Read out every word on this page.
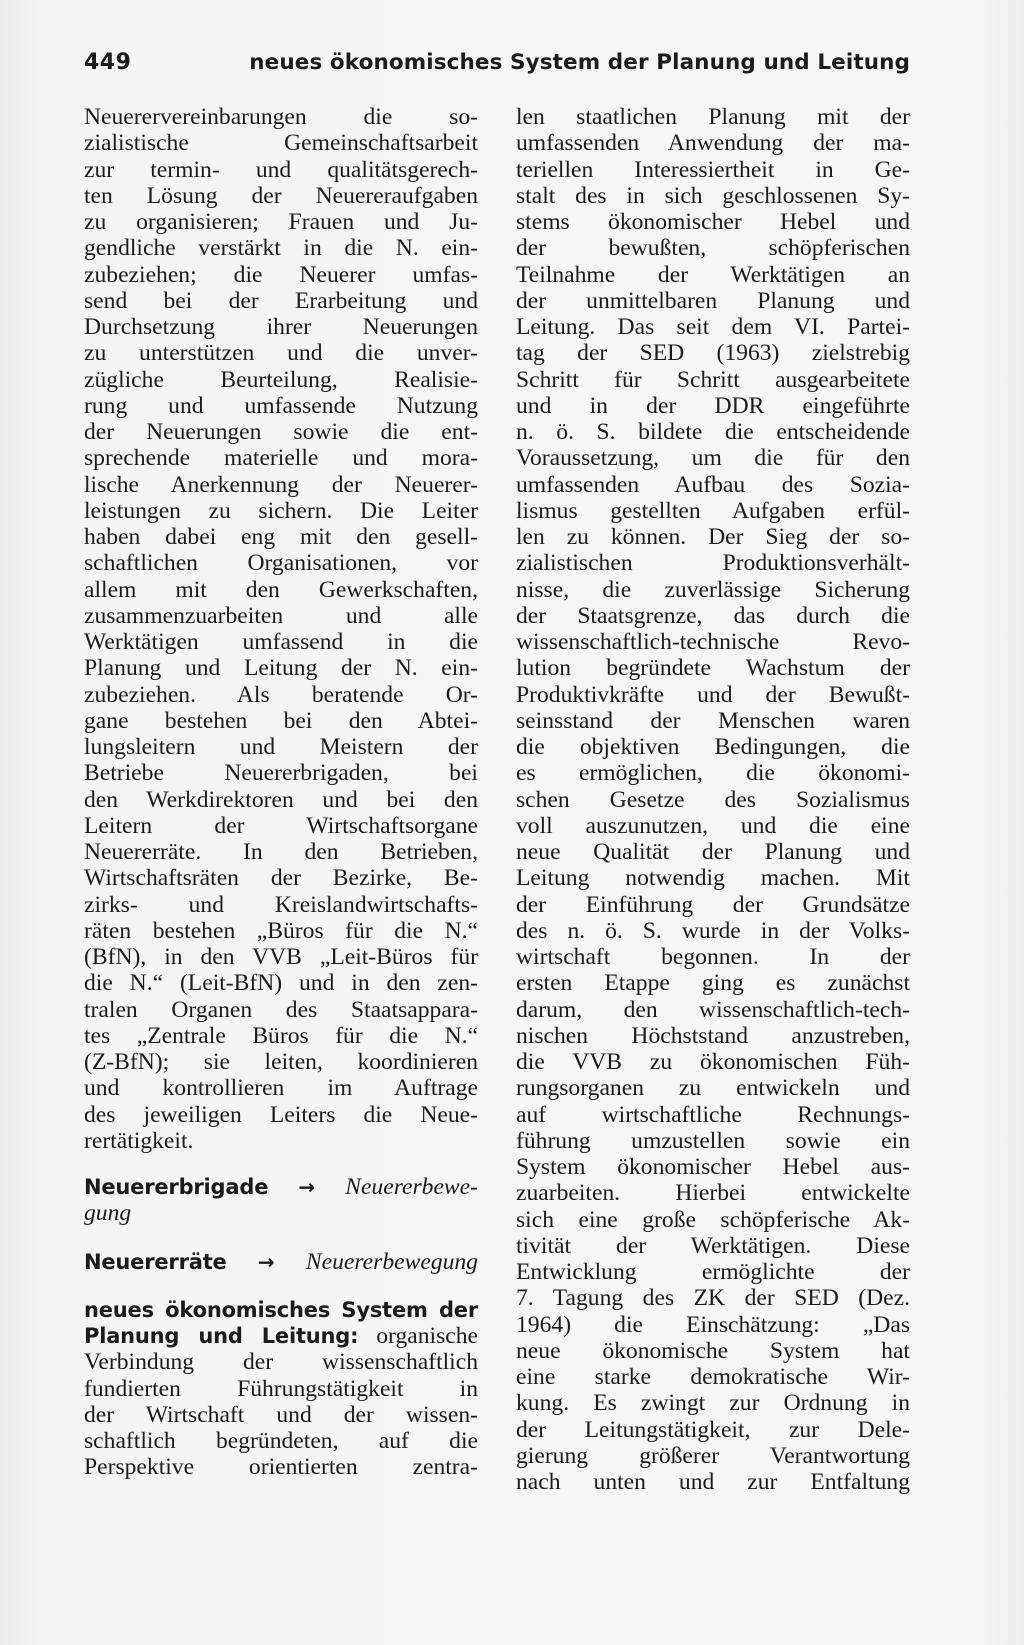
449	neues ökonomisches System der Planung und Leitung
Neuerervereinbarungen die so-
zialistische Gemeinschaftsarbeit
zur termin- und qualitätsgerech-
ten Lösung der Neuereraufgaben
zu organisieren; Frauen und Ju-
gendliche verstärkt in die N. ein-
zubeziehen; die Neuerer umfas-
send bei der Erarbeitung und
Durchsetzung ihrer Neuerungen
zu unterstützen und die unver-
zügliche Beurteilung, Realisie-
rung und umfassende Nutzung
der Neuerungen sowie die ent-
sprechende materielle und mora-
lische Anerkennung der Neuerer-
leistungen zu sichern. Die Leiter
haben dabei eng mit den gesell-
schaftlichen Organisationen, vor
allem mit den Gewerkschaften,
zusammenzuarbeiten und alle
Werktätigen umfassend in die
Planung und Leitung der N. ein-
zubeziehen. Als beratende Or-
gane bestehen bei den Abtei-
lungsleitern und Meistern der
Betriebe Neuererbrigaden, bei
den Werkdirektoren und bei den
Leitern der Wirtschaftsorgane
Neuererräte. In den Betrieben,
Wirtschaftsräten der Bezirke, Be-
zirks- und Kreislandwirtschafts-
räten bestehen „Büros für die N.“
(BfN), in den VVB „Leit-Büros für
die N.“ (Leit-BfN) und in den zen-
tralen Organen des Staatsappara-
tes „Zentrale Büros für die N.“
(Z-BfN); sie leiten, koordinieren
und kontrollieren im Auftrage
des jeweiligen Leiters die Neue-
rertätigkeit.
Neuererbrigade → Neuererbewe-
gung
Neuererräte → Neuererbewegung
neues ökonomisches System der
Planung und Leitung: organische
Verbindung der wissenschaftlich
fundierten Führungstätigkeit in
der Wirtschaft und der wissen-
schaftlich begründeten, auf die
Perspektive orientierten zentra-
len staatlichen Planung mit der
umfassenden Anwendung der ma-
teriellen Interessiertheit in Ge-
stalt des in sich geschlossenen Sy-
stems ökonomischer Hebel und
der bewußten, schöpferischen
Teilnahme der Werktätigen an
der unmittelbaren Planung und
Leitung. Das seit dem VI. Partei-
tag der SED (1963) zielstrebig
Schritt für Schritt ausgearbeitete
und in der DDR eingeführte
n. ö. S. bildete die entscheidende
Voraussetzung, um die für den
umfassenden Aufbau des Sozia-
lismus gestellten Aufgaben erfül-
len zu können. Der Sieg der so-
zialistischen Produktionsverhält-
nisse, die zuverlässige Sicherung
der Staatsgrenze, das durch die
wissenschaftlich-technische Revo-
lution begründete Wachstum der
Produktivkräfte und der Bewußt-
seinsstand der Menschen waren
die objektiven Bedingungen, die
es ermöglichen, die ökonomi-
schen Gesetze des Sozialismus
voll auszunutzen, und die eine
neue Qualität der Planung und
Leitung notwendig machen. Mit
der Einführung der Grundsätze
des n. ö. S. wurde in der Volks-
wirtschaft begonnen. In der
ersten Etappe ging es zunächst
darum, den wissenschaftlich-tech-
nischen Höchststand anzustreben,
die VVB zu ökonomischen Füh-
rungsorganen zu entwickeln und
auf wirtschaftliche Rechnungs-
führung umzustellen sowie ein
System ökonomischer Hebel aus-
zuarbeiten. Hierbei entwickelte
sich eine große schöpferische Ak-
tivität der Werktätigen. Diese
Entwicklung ermöglichte der
7. Tagung des ZK der SED (Dez.
1964) die Einschätzung: „Das
neue ökonomische System hat
eine starke demokratische Wir-
kung. Es zwingt zur Ordnung in
der Leitungstätigkeit, zur Dele-
gierung größerer Verantwortung
nach unten und zur Entfaltung
